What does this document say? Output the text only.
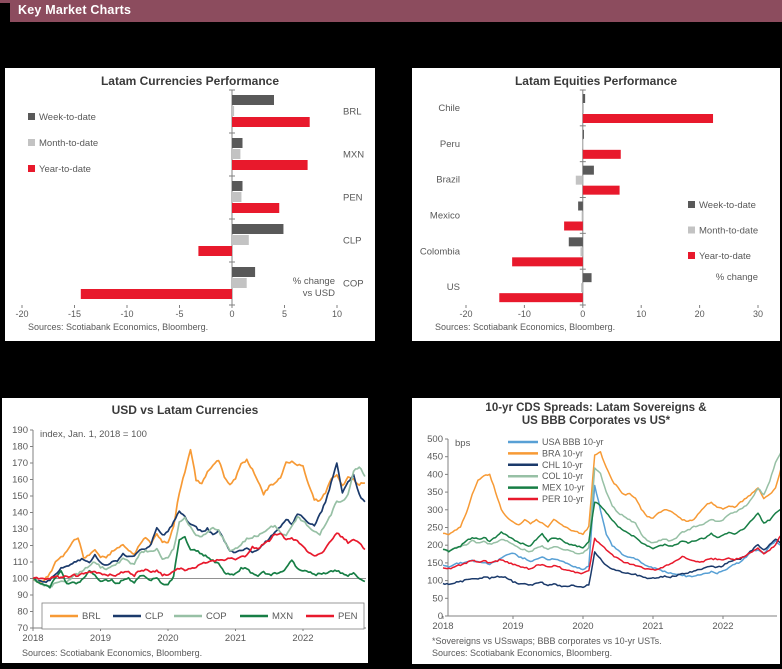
Key Market Charts
-20	-15	-10	-5	0	5	10
BRL
MXN
PEN
CLP
COP
Week-to-date
Month-to-date
Year-to-date
% change
vs USD
Latam Currencies Performance
Sources: Scotiabank Economics, Bloomberg.
-20	-10	0	10	20	30
Chile
Peru
Brazil
Mexico
Colombia
US
Week-to-date
Month-to-date
Year-to-date
% change
Latam Equities Performance
Sources: Scotiabank Economics, Bloomberg.
70
80
90
100
110
120
130
140
150
160
170
180
190
2018	2019	2020	2021	2022
BRL	CLP	COP	MXN	PEN
index, Jan. 1, 2018 = 100
USD vs Latam Currencies
Sources: Scotiabank Economics, Bloomberg.
0
50
100
150
200
250
300
350
400
450
500
2018	2019	2020	2021	2022
USA BBB 10-yr
BRA 10-yr
CHL 10-yr
COL 10-yr
MEX 10-yr
PER 10-yr
bps
10-yr CDS Spreads: Latam Sovereigns &
US BBB Corporates vs US*
*Sovereigns vs USswaps; BBB corporates vs 10-yr USTs.
Sources: Scotiabank Economics, Bloomberg.
